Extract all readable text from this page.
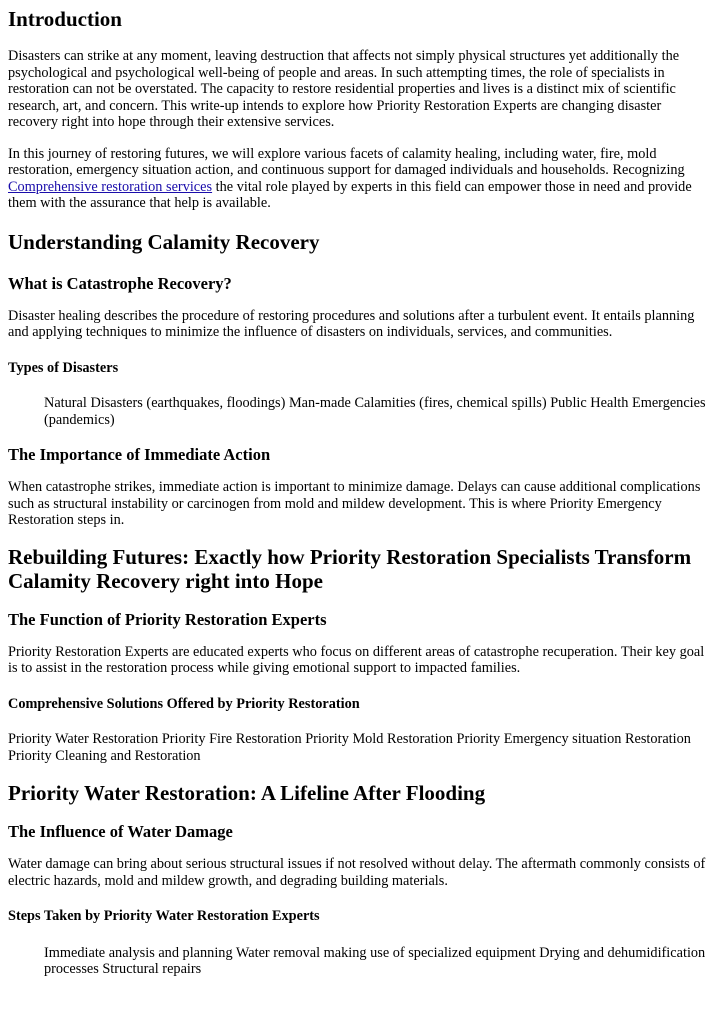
Introduction

Disasters can strike at any moment, leaving destruction that affects not simply physical structures yet additionally the psychological and psychological well-being of people and areas. In such attempting times, the role of specialists in restoration can not be overstated. The capacity to restore residential properties and lives is a distinct mix of scientific research, art, and concern. This write-up intends to explore how Priority Restoration Experts are changing disaster recovery right into hope through their extensive services.

In this journey of restoring futures, we will explore various facets of calamity healing, including water, fire, mold restoration, emergency situation action, and continuous support for damaged individuals and households. Recognizing Comprehensive restoration services the vital role played by experts in this field can empower those in need and provide them with the assurance that help is available.

Understanding Calamity Recovery
What is Catastrophe Recovery?

Disaster healing describes the procedure of restoring procedures and solutions after a turbulent event. It entails planning and applying techniques to minimize the influence of disasters on individuals, services, and communities.

Types of Disasters

Natural Disasters (earthquakes, floodings) Man-made Calamities (fires, chemical spills) Public Health Emergencies (pandemics)

The Importance of Immediate Action

When catastrophe strikes, immediate action is important to minimize damage. Delays can cause additional complications such as structural instability or carcinogen from mold and mildew development. This is where Priority Emergency Restoration steps in.

Rebuilding Futures: Exactly how Priority Restoration Specialists Transform Calamity Recovery right into Hope
The Function of Priority Restoration Experts

Priority Restoration Experts are educated experts who focus on different areas of catastrophe recuperation. Their key goal is to assist in the restoration process while giving emotional support to impacted families.

Comprehensive Solutions Offered by Priority Restoration

Priority Water Restoration Priority Fire Restoration Priority Mold Restoration Priority Emergency situation Restoration Priority Cleaning and Restoration

Priority Water Restoration: A Lifeline After Flooding
The Influence of Water Damage

Water damage can bring about serious structural issues if not resolved without delay. The aftermath commonly consists of electric hazards, mold and mildew growth, and degrading building materials.

Steps Taken by Priority Water Restoration Experts

Immediate analysis and planning Water removal making use of specialized equipment Drying and dehumidification processes Structural repairs
